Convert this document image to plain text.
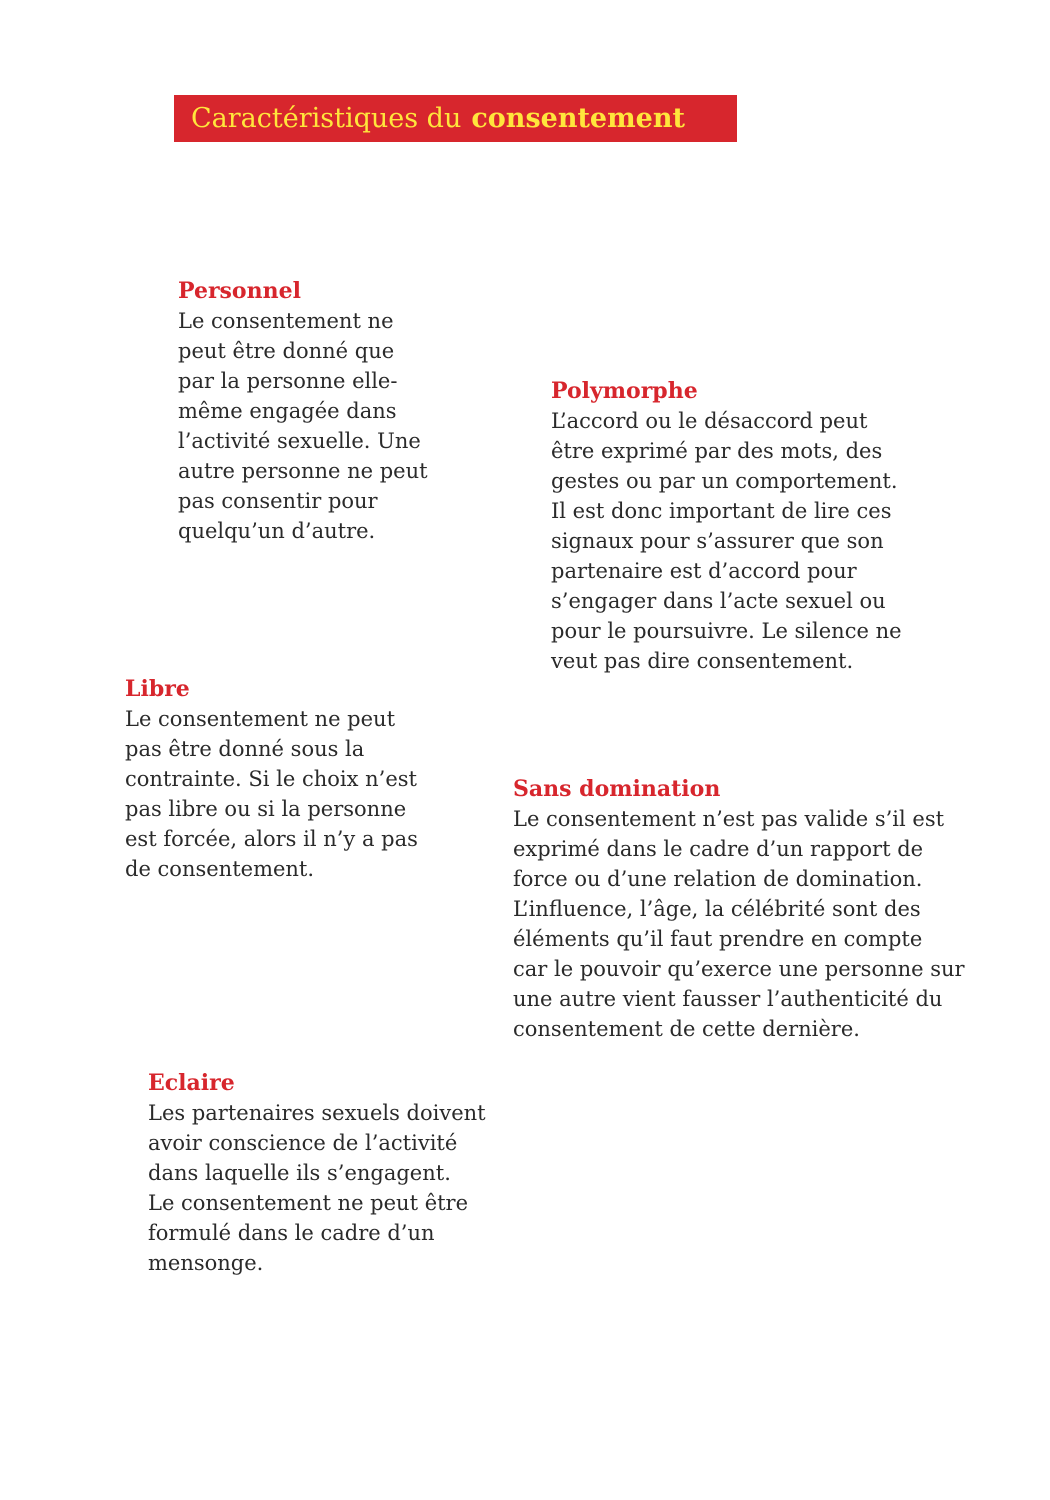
Caractéristiques du consentement
Personnel

Le consentement ne
peut être donné que
par la personne elle-
même engagée dans
l’activité sexuelle. Une
autre personne ne peut
pas consentir pour
quelqu’un d’autre.

Polymorphe

L’accord ou le désaccord peut
être exprimé par des mots, des
gestes ou par un comportement.
Il est donc important de lire ces
signaux pour s’assurer que son
partenaire est d’accord pour
s’engager dans l’acte sexuel ou
pour le poursuivre. Le silence ne
veut pas dire consentement.

Libre

Le consentement ne peut
pas être donné sous la
contrainte. Si le choix n’est
pas libre ou si la personne
est forcée, alors il n’y a pas
de consentement.

Sans domination

Le consentement n’est pas valide s’il est
exprimé dans le cadre d’un rapport de
force ou d’une relation de domination.
L’influence, l’âge, la célébrité sont des
éléments qu’il faut prendre en compte
car le pouvoir qu’exerce une personne sur
une autre vient fausser l’authenticité du
consentement de cette dernière.

Eclaire

Les partenaires sexuels doivent
avoir conscience de l’activité
dans laquelle ils s’engagent.
Le consentement ne peut être
formulé dans le cadre d’un
mensonge.
